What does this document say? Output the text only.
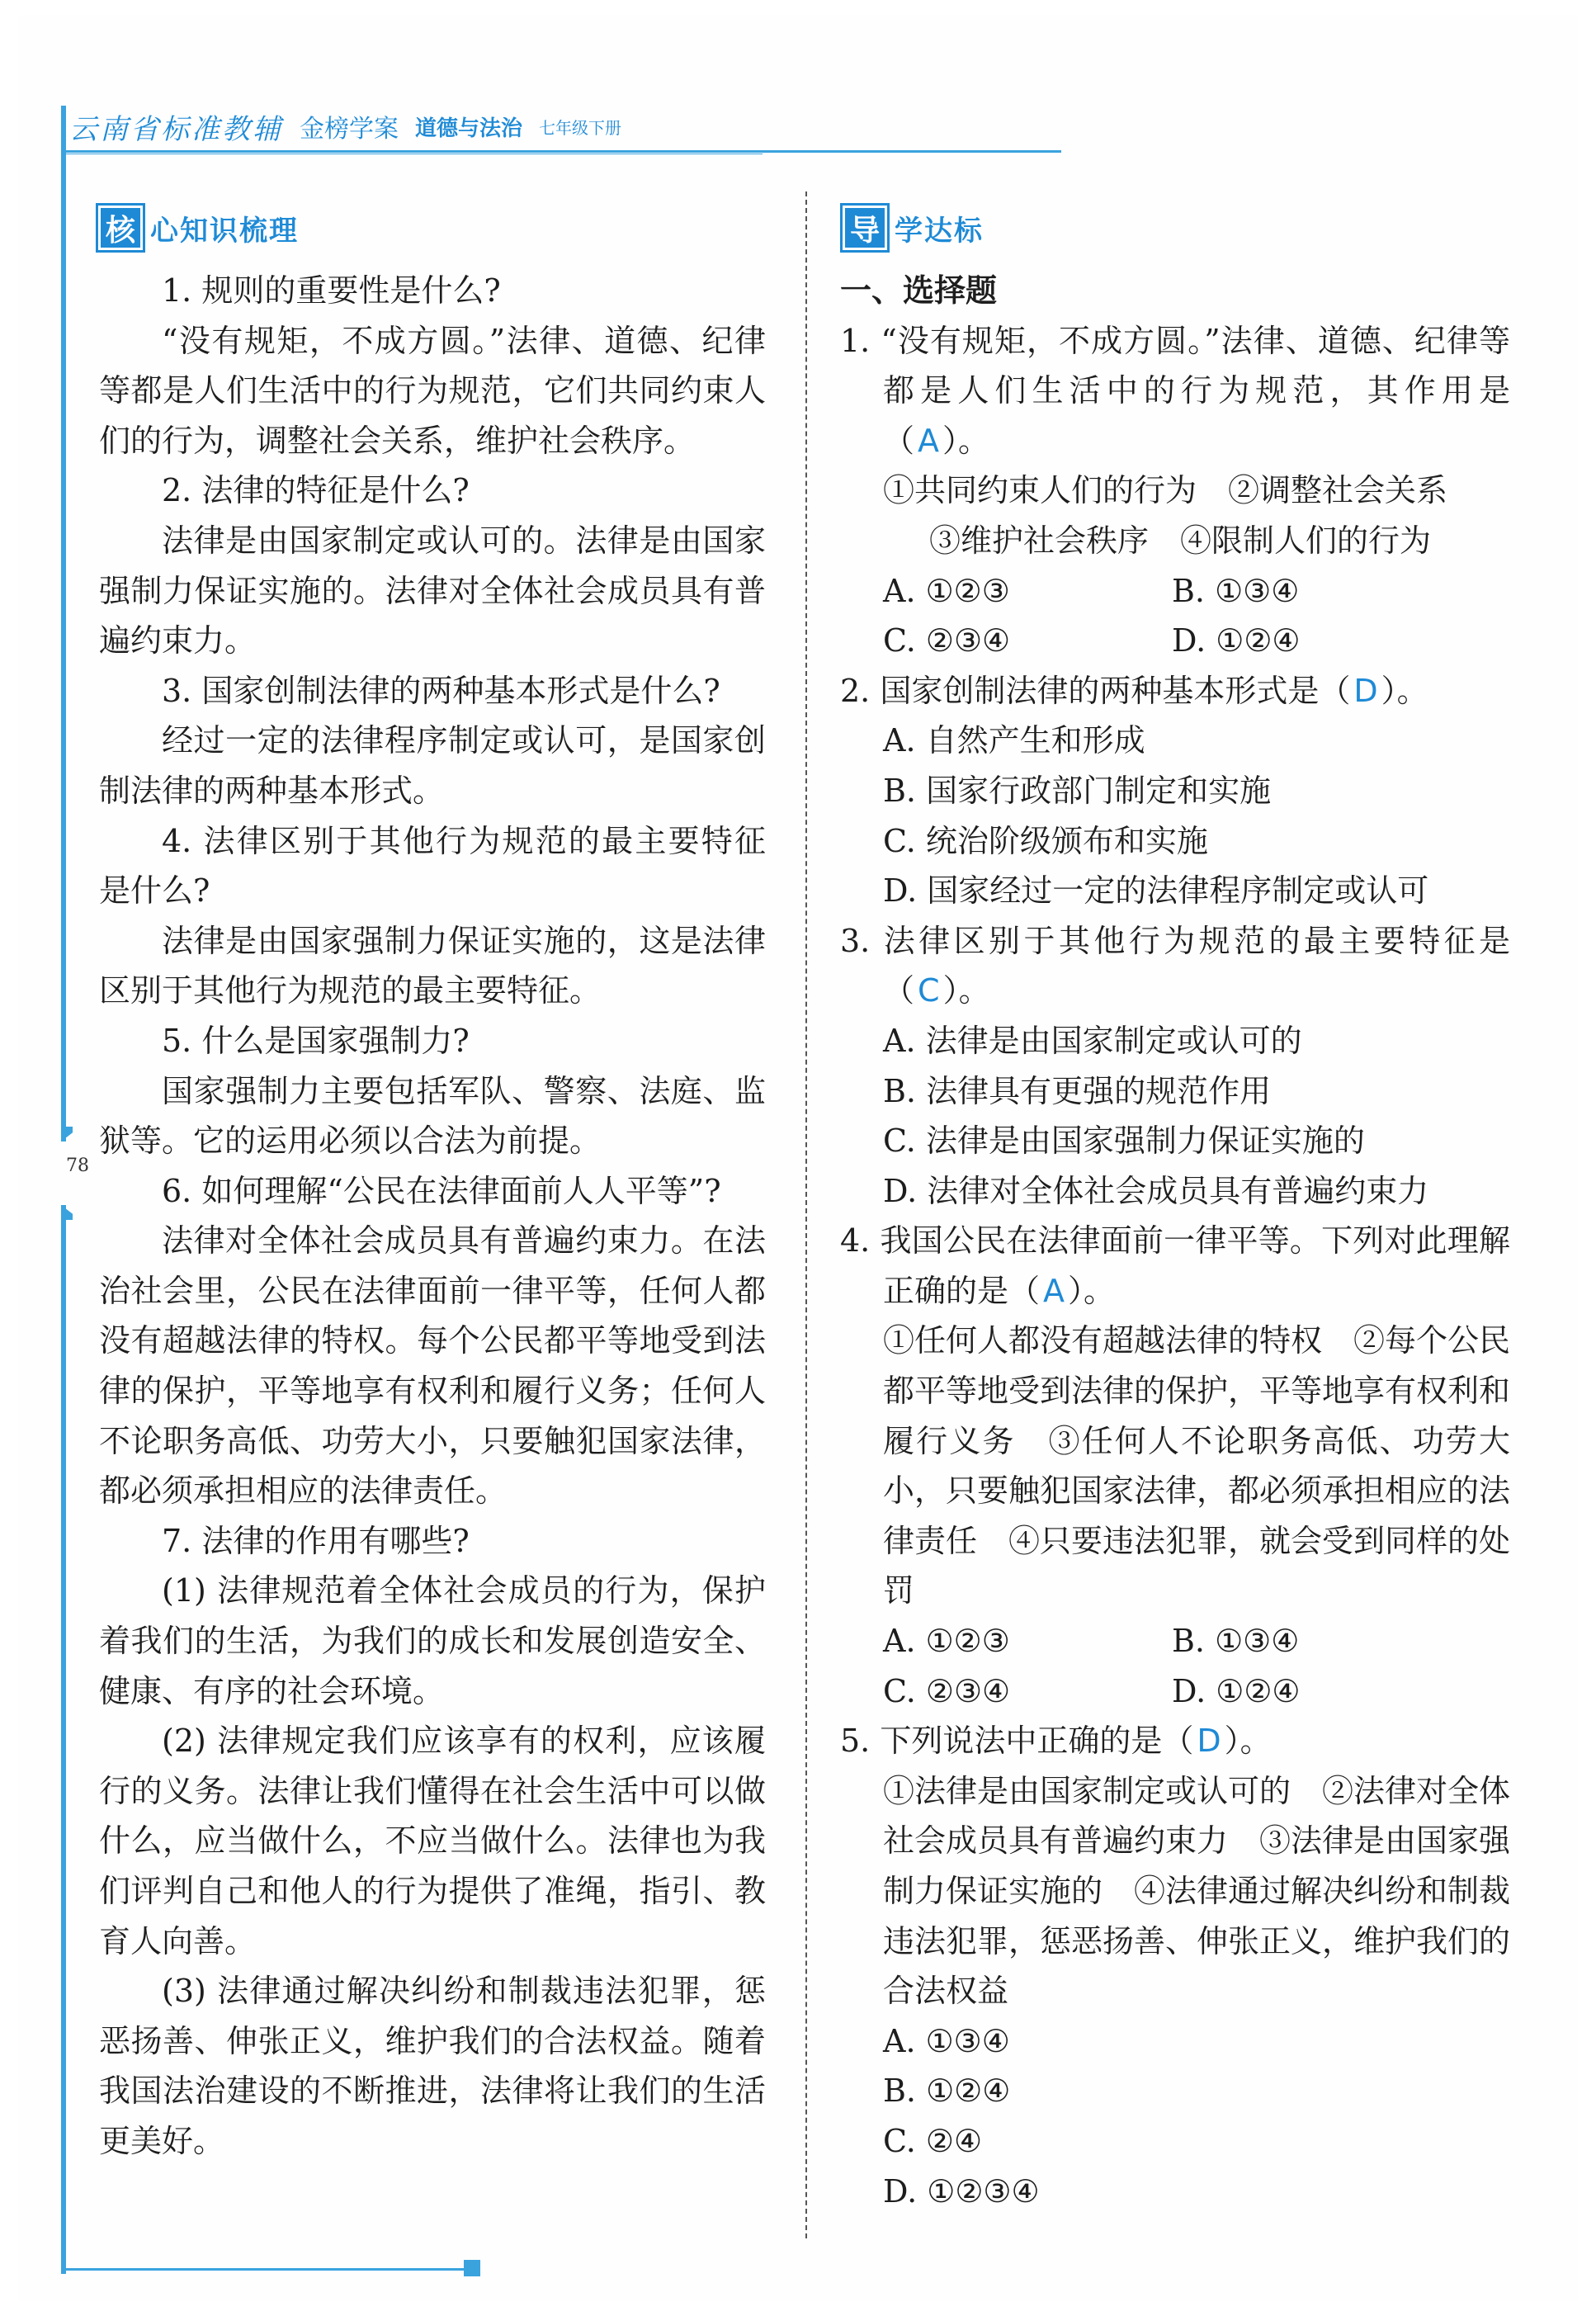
云南省标准教辅 金榜学案 道德与法治 七年级下册
78
核 心知识梳理

1. 规则的重要性是什么?

“没有规矩，不成方圆。”法律、道德、纪律等都是人们生活中的行为规范，它们共同约束人们的行为，调整社会关系，维护社会秩序。

2. 法律的特征是什么?

法律是由国家制定或认可的。法律是由国家强制力保证实施的。法律对全体社会成员具有普遍约束力。

3. 国家创制法律的两种基本形式是什么?

经过一定的法律程序制定或认可，是国家创制法律的两种基本形式。

4. 法律区别于其他行为规范的最主要特征是什么?

法律是由国家强制力保证实施的，这是法律区别于其他行为规范的最主要特征。

5. 什么是国家强制力?

国家强制力主要包括军队、警察、法庭、监狱等。它的运用必须以合法为前提。

6. 如何理解“公民在法律面前人人平等”?

法律对全体社会成员具有普遍约束力。在法治社会里，公民在法律面前一律平等，任何人都没有超越法律的特权。每个公民都平等地受到法律的保护，平等地享有权利和履行义务；任何人不论职务高低、功劳大小，只要触犯国家法律，都必须承担相应的法律责任。

7. 法律的作用有哪些?

(1) 法律规范着全体社会成员的行为，保护着我们的生活，为我们的成长和发展创造安全、健康、有序的社会环境。

(2) 法律规定我们应该享有的权利，应该履行的义务。法律让我们懂得在社会生活中可以做什么，应当做什么，不应当做什么。法律也为我们评判自己和他人的行为提供了准绳，指引、教育人向善。

(3) 法律通过解决纠纷和制裁违法犯罪，惩恶扬善、伸张正义，维护我们的合法权益。随着我国法治建设的不断推进，法律将让我们的生活更美好。

导 学达标

一、选择题

1. “没有规矩，不成方圆。”法律、道德、纪律等都是人们生活中的行为规范，其作用是（ A ）。

①共同约束人们的行为　②调整社会关系

③维护社会秩序　④限制人们的行为

A. ①②③	B. ①③④

C. ②③④	D. ①②④

2. 国家创制法律的两种基本形式是（ D ）。

A. 自然产生和形成

B. 国家行政部门制定和实施

C. 统治阶级颁布和实施

D. 国家经过一定的法律程序制定或认可

3. 法律区别于其他行为规范的最主要特征是（ C ）。

A. 法律是由国家制定或认可的

B. 法律具有更强的规范作用

C. 法律是由国家强制力保证实施的

D. 法律对全体社会成员具有普遍约束力

4. 我国公民在法律面前一律平等。下列对此理解正确的是（ A ）。

①任何人都没有超越法律的特权　②每个公民都平等地受到法律的保护，平等地享有权利和履行义务　③任何人不论职务高低、功劳大小，只要触犯国家法律，都必须承担相应的法律责任　④只要违法犯罪，就会受到同样的处罚

A. ①②③	B. ①③④

C. ②③④	D. ①②④

5. 下列说法中正确的是（ D ）。

①法律是由国家制定或认可的　②法律对全体社会成员具有普遍约束力　③法律是由国家强制力保证实施的　④法律通过解决纠纷和制裁违法犯罪，惩恶扬善、伸张正义，维护我们的合法权益

A. ①③④

B. ①②④

C. ②④

D. ①②③④
